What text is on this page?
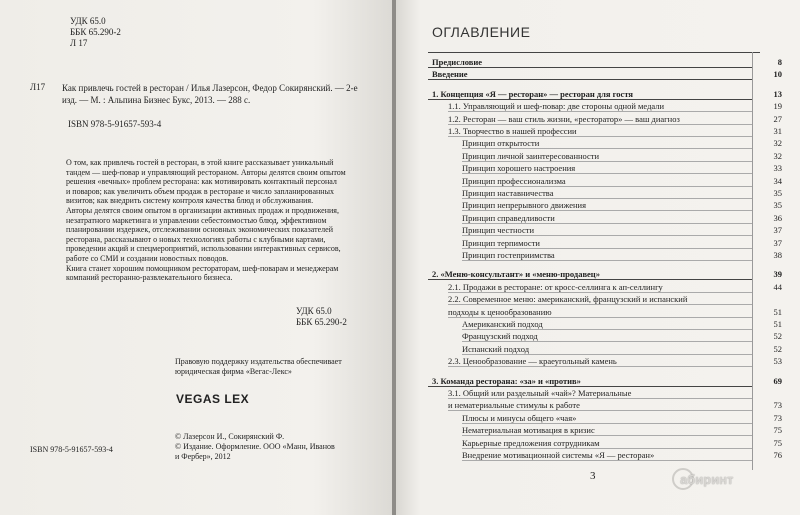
УДК 65.0
ББК 65.290-2
Л 17
Л17 Как привлечь гостей в ресторан / Илья Лазерсон, Федор Сокирянский. — 2-е изд. — М. : Альпина Бизнес Букс, 2013. — 288 с.
ISBN 978-5-91657-593-4
О том, как привлечь гостей в ресторан, в этой книге рассказывает уникальный
тандем — шеф-повар и управляющий рестораном. Авторы делятся своим опытом
решения «вечных» проблем ресторана: как мотивировать контактный персонал
и поваров; как увеличить объем продаж в ресторане и число запланированных
визитов; как внедрить систему контроля качества блюд и обслуживания.
Авторы делятся своим опытом в организации активных продаж и продвижения,
незатратного маркетинга и управлении себестоимостью блюд, эффективном
планировании издержек, отслеживании основных экономических показателей
ресторана, рассказывают о новых технологиях работы с клубными картами,
проведении акций и спецмероприятий, использовании интерактивных сервисов,
работе со СМИ и создании новостных поводов.
Книга станет хорошим помощником рестораторам, шеф-поварам и менеджерам
компаний ресторанно-развлекательного бизнеса.
УДК 65.0
ББК 65.290-2
Правовую поддержку издательства обеспечивает
юридическая фирма «Вегас-Лекс»
VEGAS LEX
ISBN 978-5-91657-593-4
© Лазерсон И., Сокирянский Ф.
© Издание. Оформление. ООО «Манн, Иванов
и Фербер», 2012
ОГЛАВЛЕНИЕ
Предисловие	8
Введение	10
1. Концепция «Я — ресторан» — ресторан для гостя	13
1.1. Управляющий и шеф-повар: две стороны одной медали	19
1.2. Ресторан — ваш стиль жизни, «ресторатор» — ваш диагноз	27
1.3. Творчество в нашей профессии	31
Принцип открытости	32
Принцип личной заинтересованности	32
Принцип хорошего настроения	33
Принцип профессионализма	34
Принцип наставничества	35
Принцип непрерывного движения	35
Принцип справедливости	36
Принцип честности	37
Принцип терпимости	37
Принцип гостеприимства	38
2. «Меню-консультант» и «меню-продавец»	39
2.1. Продажи в ресторане: от кросс-селлинга к ап-селлингу	44
2.2. Современное меню: американский, французский и испанский
подходы к ценообразованию	51
Американский подход	51
Французский подход	52
Испанский подход	52
2.3. Ценообразование — краеугольный камень	53
3. Команда ресторана: «за» и «против»	69
3.1. Общий или раздельный «чай»? Материальные
и нематериальные стимулы к работе	73
Плюсы и минусы общего «чая»	73
Нематериальная мотивация в кризис	75
Карьерные предложения сотрудникам	75
Внедрение мотивационной системы «Я — ресторан»	76
3	абиринт
